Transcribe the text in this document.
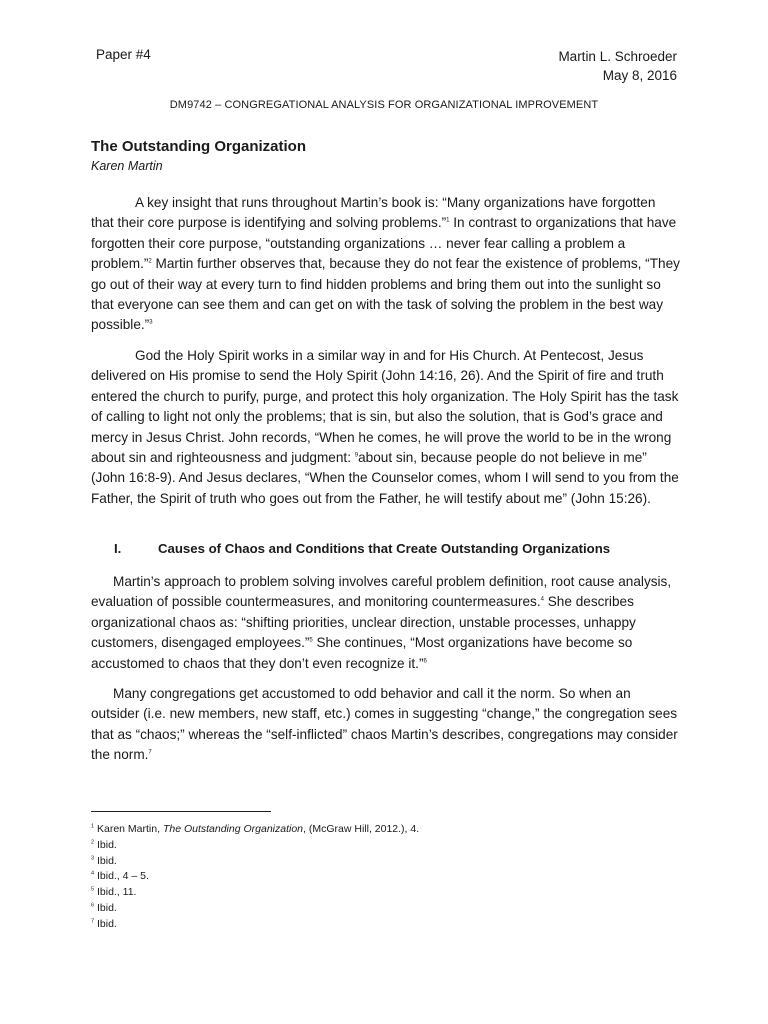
Paper #4	Martin L. Schroeder
May 8, 2016
DM9742 – CONGREGATIONAL ANALYSIS FOR ORGANIZATIONAL IMPROVEMENT
The Outstanding Organization
Karen Martin

A key insight that runs throughout Martin’s book is: “Many organizations have forgotten that their core purpose is identifying and solving problems.”$^1$ In contrast to organizations that have forgotten their core purpose, “outstanding organizations … never fear calling a problem a problem.”$^2$ Martin further observes that, because they do not fear the existence of problems, “They go out of their way at every turn to find hidden problems and bring them out into the sunlight so that everyone can see them and can get on with the task of solving the problem in the best way possible.”$^3$

God the Holy Spirit works in a similar way in and for His Church. At Pentecost, Jesus delivered on His promise to send the Holy Spirit (John 14:16, 26). And the Spirit of fire and truth entered the church to purify, purge, and protect this holy organization. The Holy Spirit has the task of calling to light not only the problems; that is sin, but also the solution, that is God’s grace and mercy in Jesus Christ. John records, “When he comes, he will prove the world to be in the wrong about sin and righteousness and judgment: $^9$about sin, because people do not believe in me” (John 16:8-9). And Jesus declares, “When the Counselor comes, whom I will send to you from the Father, the Spirit of truth who goes out from the Father, he will testify about me” (John 15:26).

I.	Causes of Chaos and Conditions that Create Outstanding Organizations

Martin’s approach to problem solving involves careful problem definition, root cause analysis, evaluation of possible countermeasures, and monitoring countermeasures.$^4$ She describes organizational chaos as: “shifting priorities, unclear direction, unstable processes, unhappy customers, disengaged employees.”$^5$ She continues, “Most organizations have become so accustomed to chaos that they don’t even recognize it.”$^6$

Many congregations get accustomed to odd behavior and call it the norm. So when an outsider (i.e. new members, new staff, etc.) comes in suggesting “change,” the congregation sees that as “chaos;” whereas the “self-inflicted” chaos Martin’s describes, congregations may consider the norm.$^7$

$^1$ Karen Martin, The Outstanding Organization, (McGraw Hill, 2012.), 4.

$^2$ Ibid.

$^3$ Ibid.

$^4$ Ibid., 4 – 5.

$^5$ Ibid., 11.

$^6$ Ibid.

$^7$ Ibid.
